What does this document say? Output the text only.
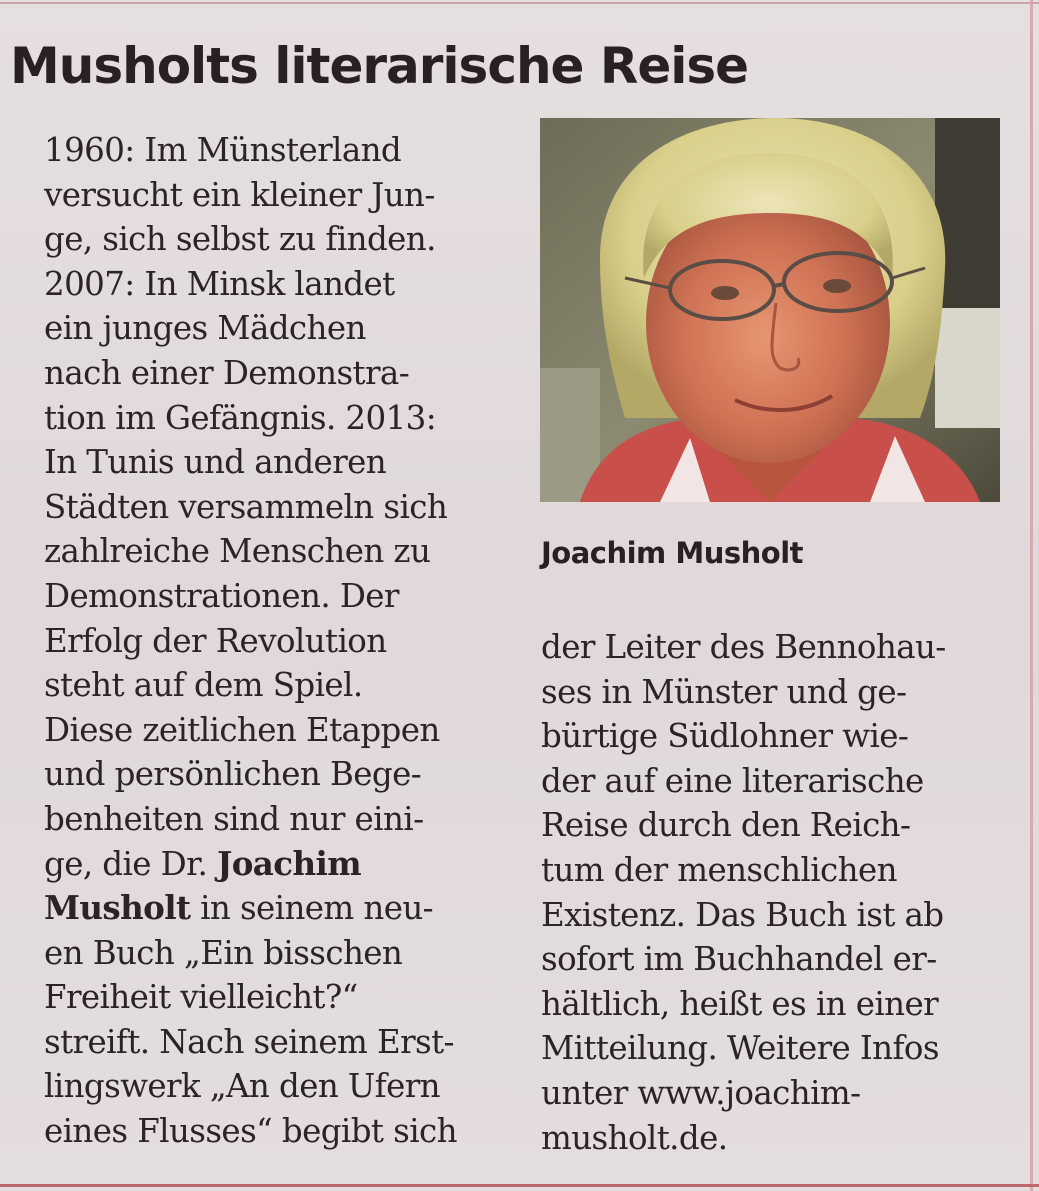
Musholts literarische Reise
1960: Im Münsterland
versucht ein kleiner Jun-
ge, sich selbst zu finden.
2007: In Minsk landet
ein junges Mädchen
nach einer Demonstra-
tion im Gefängnis. 2013:
In Tunis und anderen
Städten versammeln sich
zahlreiche Menschen zu
Demonstrationen. Der
Erfolg der Revolution
steht auf dem Spiel.
Diese zeitlichen Etappen
und persönlichen Bege-
benheiten sind nur eini-
ge, die Dr. Joachim
Musholt in seinem neu-
en Buch „Ein bisschen
Freiheit vielleicht?“
streift. Nach seinem Erst-
lingswerk „An den Ufern
eines Flusses“ begibt sich

Joachim Musholt

der Leiter des Bennohau-
ses in Münster und ge-
bürtige Südlohner wie-
der auf eine literarische
Reise durch den Reich-
tum der menschlichen
Existenz. Das Buch ist ab
sofort im Buchhandel er-
hältlich, heißt es in einer
Mitteilung. Weitere Infos
unter www.joachim-
musholt.de.
